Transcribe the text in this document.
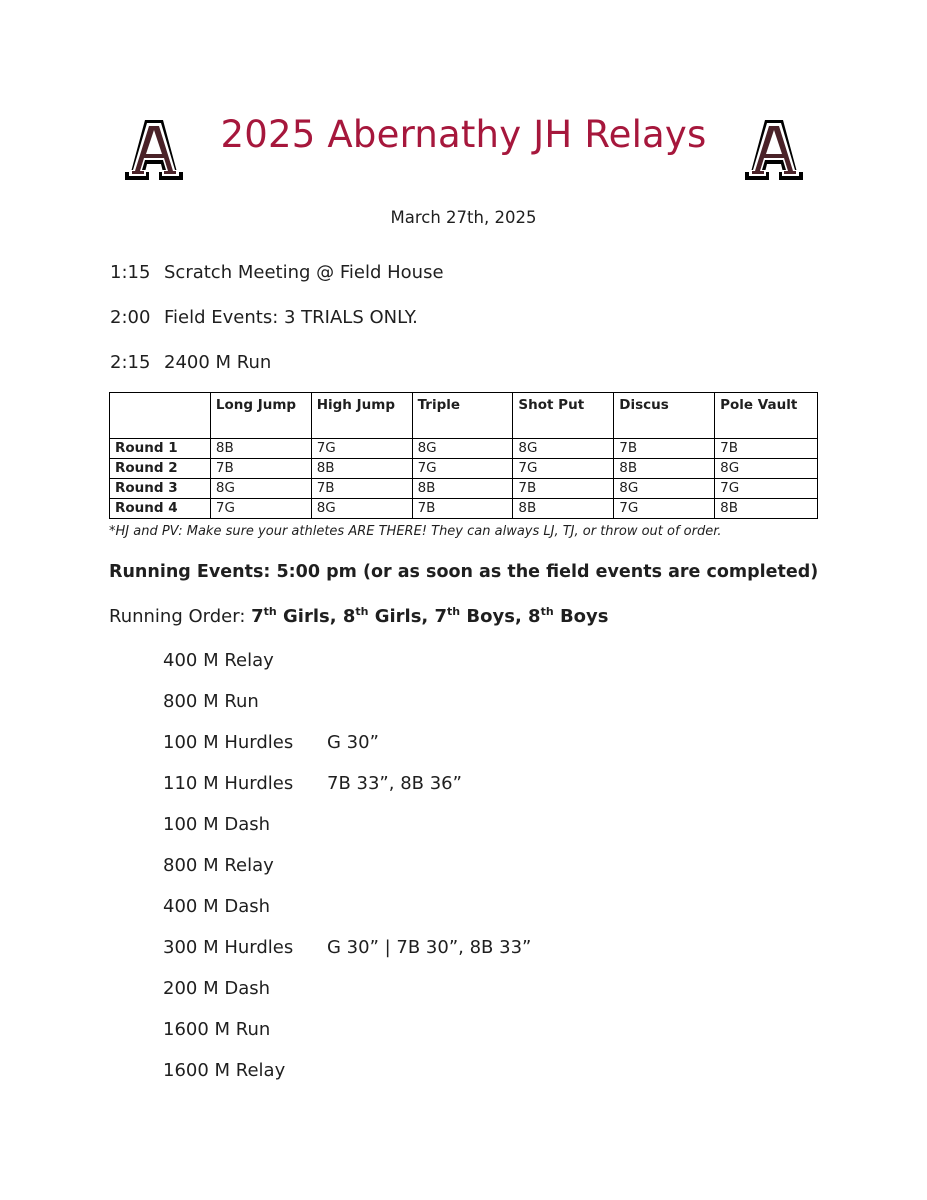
2025 Abernathy JH Relays
March 27th, 2025
1:15 Scratch Meeting @ Field House
2:00 Field Events: 3 TRIALS ONLY.
2:15 2400 M Run
	Long Jump	High Jump	Triple	Shot Put	Discus	Pole Vault
Round 1	8B	7G	8G	8G	7B	7B
Round 2	7B	8B	7G	7G	8B	8G
Round 3	8G	7B	8B	7B	8G	7G
Round 4	7G	8G	7B	8B	7G	8B
*HJ and PV: Make sure your athletes ARE THERE! They can always LJ, TJ, or throw out of order.
Running Events: 5:00 pm (or as soon as the field events are completed)
Running Order: 7th Girls, 8th Girls, 7th Boys, 8th Boys
400 M Relay
800 M Run
100 M Hurdles G 30”
110 M Hurdles 7B 33”, 8B 36”
100 M Dash
800 M Relay
400 M Dash
300 M Hurdles G 30” | 7B 30”, 8B 33”
200 M Dash
1600 M Run
1600 M Relay
